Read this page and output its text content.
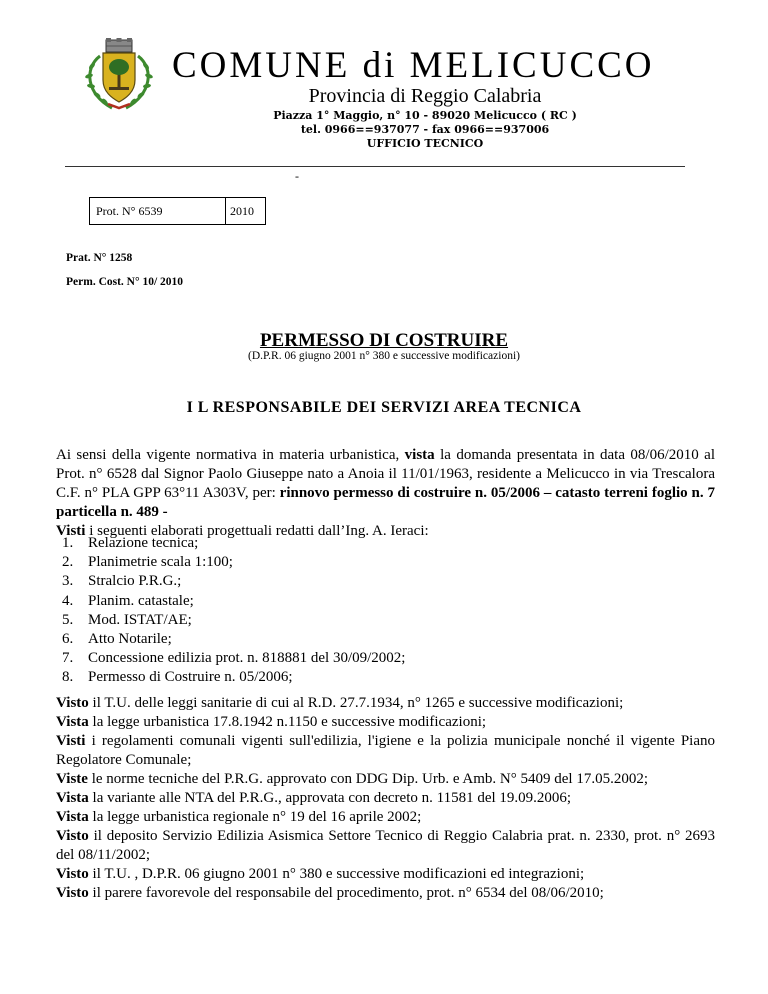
COMUNE di MELICUCCO
Provincia di Reggio Calabria
Piazza 1° Maggio, n° 10 - 89020 Melicucco ( RC )
tel. 0966==937077 - fax 0966==937006
UFFICIO TECNICO
-
Prot. N° 6539	2010
Prat. N° 1258
Perm. Cost. N° 10/ 2010
PERMESSO DI COSTRUIRE
(D.P.R. 06 giugno 2001 n° 380 e successive modificazioni)
I L RESPONSABILE DEI SERVIZI AREA TECNICA

Ai sensi della vigente normativa in materia urbanistica, vista la domanda presentata in data 08/06/2010 al Prot. n° 6528 dal Signor Paolo Giuseppe nato a Anoia il 11/01/1963, residente a Melicucco in via Trescalora C.F. n° PLA GPP 63°11 A303V, per: rinnovo permesso di costruire n. 05/2006 – catasto terreni foglio n. 7 particella n. 489 -

Visti i seguenti elaborati progettuali redatti dall’Ing. A. Ieraci:

1. Relazione tecnica;
2. Planimetrie scala 1:100;
3. Stralcio P.R.G.;
4. Planim. catastale;
5. Mod. ISTAT/AE;
6. Atto Notarile;
7. Concessione edilizia prot. n. 818881 del 30/09/2002;
8. Permesso di Costruire n. 05/2006;

Visto il T.U. delle leggi sanitarie di cui al R.D. 27.7.1934, n° 1265 e successive modificazioni;

Vista la legge urbanistica 17.8.1942 n.1150 e successive modificazioni;

Visti i regolamenti comunali vigenti sull'edilizia, l'igiene e la polizia municipale nonché il vigente Piano Regolatore Comunale;

Viste le norme tecniche del P.R.G. approvato con DDG Dip. Urb. e Amb. N° 5409 del 17.05.2002;

Vista la variante alle NTA del P.R.G., approvata con decreto n. 11581 del 19.09.2006;

Vista la legge urbanistica regionale n° 19 del 16 aprile 2002;

Visto il deposito Servizio Edilizia Asismica Settore Tecnico di Reggio Calabria prat. n. 2330, prot. n° 2693 del 08/11/2002;

Visto il T.U. , D.P.R. 06 giugno 2001 n° 380 e successive modificazioni ed integrazioni;

Visto il parere favorevole del responsabile del procedimento, prot. n° 6534 del 08/06/2010;
